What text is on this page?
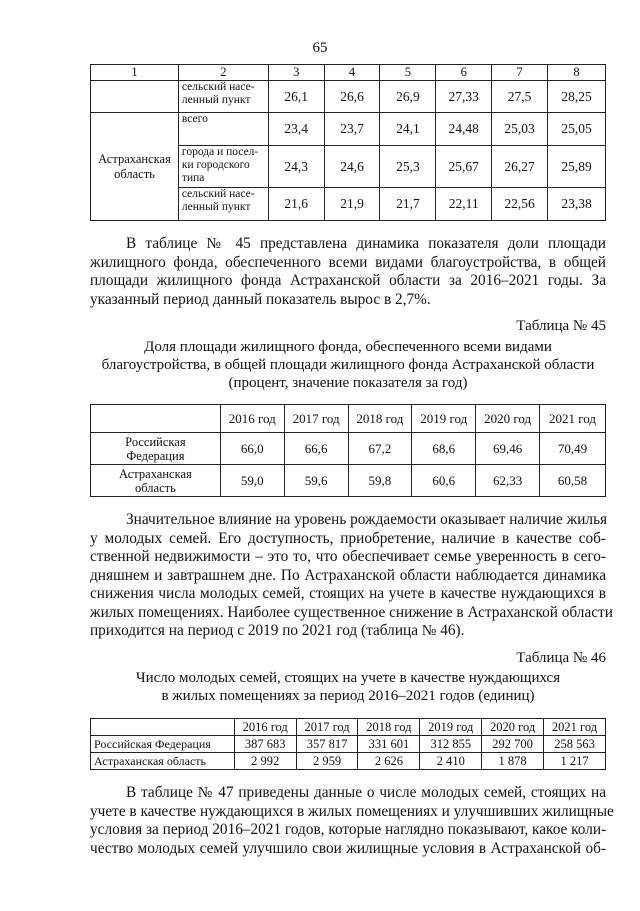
65
1	2	3	4	5	6	7	8

	сельский насе-
ленный пункт	26,1	26,6	26,9	27,33	27,5	28,25

Астраханская
область	всего	23,4	23,7	24,1	24,48	25,03	25,05

	города и посел-
ки городского
типа	24,3	24,6	25,3	25,67	26,27	25,89

	сельский насе-
ленный пункт	21,6	21,9	21,7	22,11	22,56	23,38
В таблице № 45 представлена динамика показателя доли площади
жилищного фонда, обеспеченного всеми видами благоустройства, в общей
площади жилищного фонда Астраханской области за 2016–2021 годы. За
указанный период данный показатель вырос в 2,7%.
Таблица № 45
Доля площади жилищного фонда, обеспеченного всеми видами
благоустройства, в общей площади жилищного фонда Астраханской области
(процент, значение показателя за год)
	2016 год	2017 год	2018 год	2019 год	2020 год	2021 год

Российская
Федерация	66,0	66,6	67,2	68,6	69,46	70,49

Астраханская
область	59,0	59,6	59,8	60,6	62,33	60,58
Значительное влияние на уровень рождаемости оказывает наличие жилья
у молодых семей. Его доступность, приобретение, наличие в качестве соб-
ственной недвижимости – это то, что обеспечивает семье уверенность в сего-
дняшнем и завтрашнем дне. По Астраханской области наблюдается динамика
снижения числа молодых семей, стоящих на учете в качестве нуждающихся в
жилых помещениях. Наиболее существенное снижение в Астраханской области
приходится на период с 2019 по 2021 год (таблица № 46).
Таблица № 46
Число молодых семей, стоящих на учете в качестве нуждающихся
в жилых помещениях за период 2016–2021 годов (единиц)
	2016 год	2017 год	2018 год	2019 год	2020 год	2021 год
Российская Федерация	387 683	357 817	331 601	312 855	292 700	258 563
Астраханская область	2 992	2 959	2 626	2 410	1 878	1 217
В таблице № 47 приведены данные о числе молодых семей, стоящих на
учете в качестве нуждающихся в жилых помещениях и улучшивших жилищные
условия за период 2016–2021 годов, которые наглядно показывают, какое коли-
чество молодых семей улучшило свои жилищные условия в Астраханской об-
